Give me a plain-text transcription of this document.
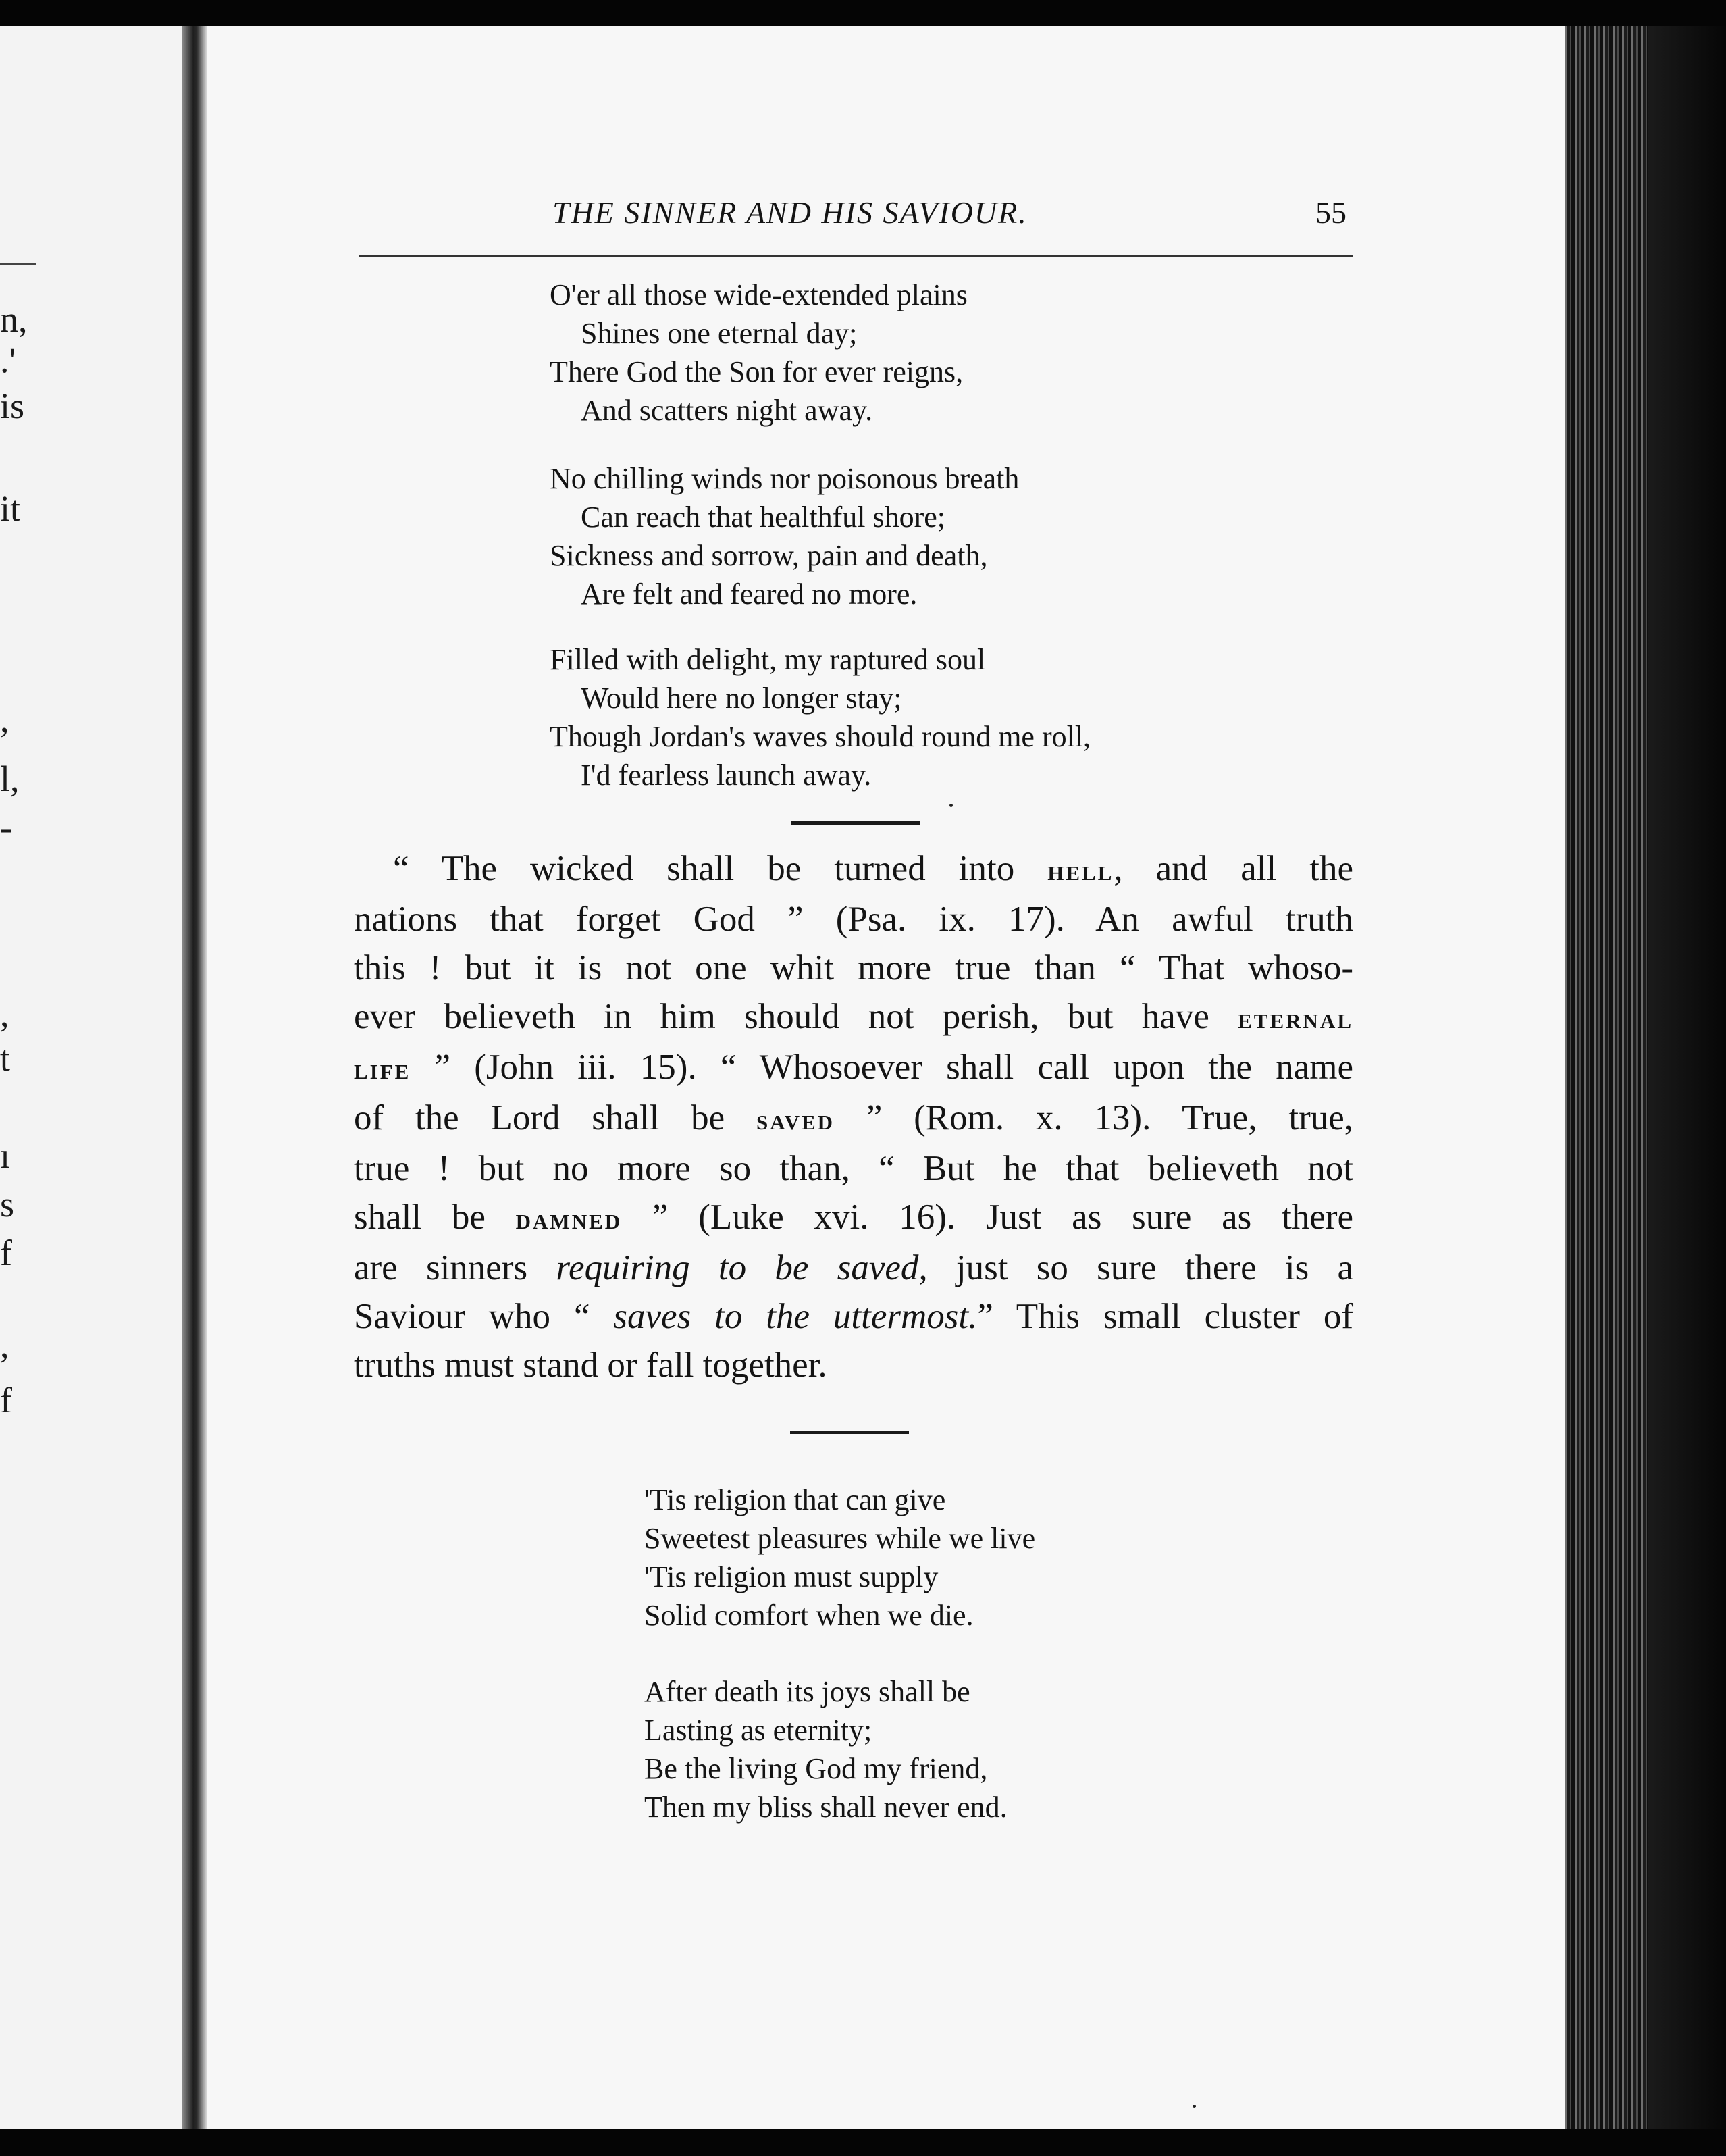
n,
.'
is
it
,
l,
-
,
t
ı
s
f
,
f
THE SINNER AND HIS SAVIOUR.	55
O'er all those wide-extended plains
Shines one eternal day;
There God the Son for ever reigns,
And scatters night away.
No chilling winds nor poisonous breath
Can reach that healthful shore;
Sickness and sorrow, pain and death,
Are felt and feared no more.
Filled with delight, my raptured soul
Would here no longer stay;
Though Jordan's waves should round me roll,
I'd fearless launch away.
“ The wicked shall be turned into hell, and all the
nations that forget God ” (Psa. ix. 17). An awful truth
this ! but it is not one whit more true than “ That whoso-
ever believeth in him should not perish, but have eternal
life ” (John iii. 15). “ Whosoever shall call upon the name
of the Lord shall be saved ” (Rom. x. 13). True, true,
true ! but no more so than, “ But he that believeth not
shall be damned ” (Luke xvi. 16). Just as sure as there
are sinners requiring to be saved, just so sure there is a
Saviour who “ saves to the uttermost.” This small cluster of
truths must stand or fall together.
'Tis religion that can give
Sweetest pleasures while we live
'Tis religion must supply
Solid comfort when we die.
After death its joys shall be
Lasting as eternity;
Be the living God my friend,
Then my bliss shall never end.
